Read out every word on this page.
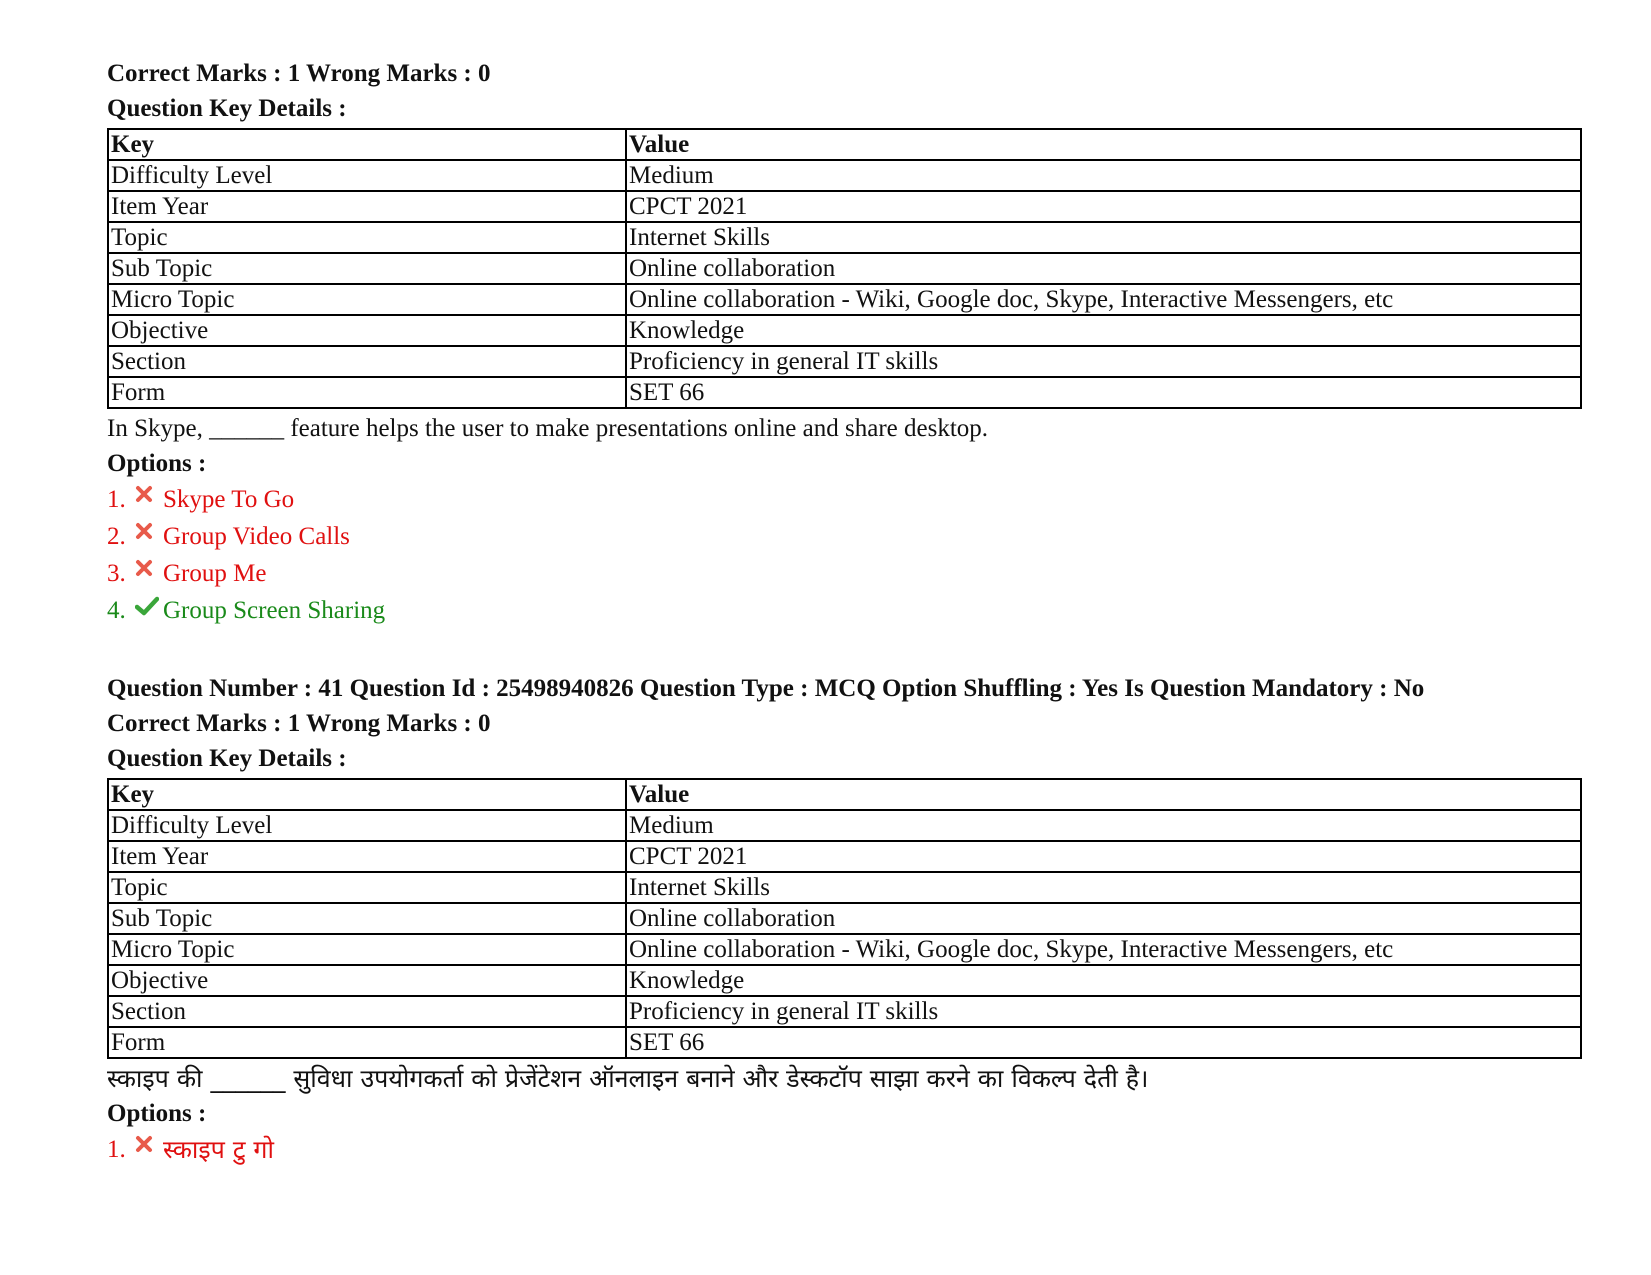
Correct Marks : 1 Wrong Marks : 0
Question Key Details :
Key	Value
Difficulty Level	Medium
Item Year	CPCT 2021
Topic	Internet Skills
Sub Topic	Online collaboration
Micro Topic	Online collaboration - Wiki, Google doc, Skype, Interactive Messengers, etc
Objective	Knowledge
Section	Proficiency in general IT skills
Form	SET 66
In Skype, ______ feature helps the user to make presentations online and share desktop.
Options :
1.	Skype To Go
2.	Group Video Calls
3.	Group Me
4.	Group Screen Sharing
Question Number : 41 Question Id : 25498940826 Question Type : MCQ Option Shuffling : Yes Is Question Mandatory : No
Correct Marks : 1 Wrong Marks : 0
Question Key Details :
Key	Value
Difficulty Level	Medium
Item Year	CPCT 2021
Topic	Internet Skills
Sub Topic	Online collaboration
Micro Topic	Online collaboration - Wiki, Google doc, Skype, Interactive Messengers, etc
Objective	Knowledge
Section	Proficiency in general IT skills
Form	SET 66
स्काइप की ______ सुविधा उपयोगकर्ता को प्रेजेंटेशन ऑनलाइन बनाने और डेस्कटॉप साझा करने का विकल्प देती है।
Options :
1.	स्काइप टु गो
